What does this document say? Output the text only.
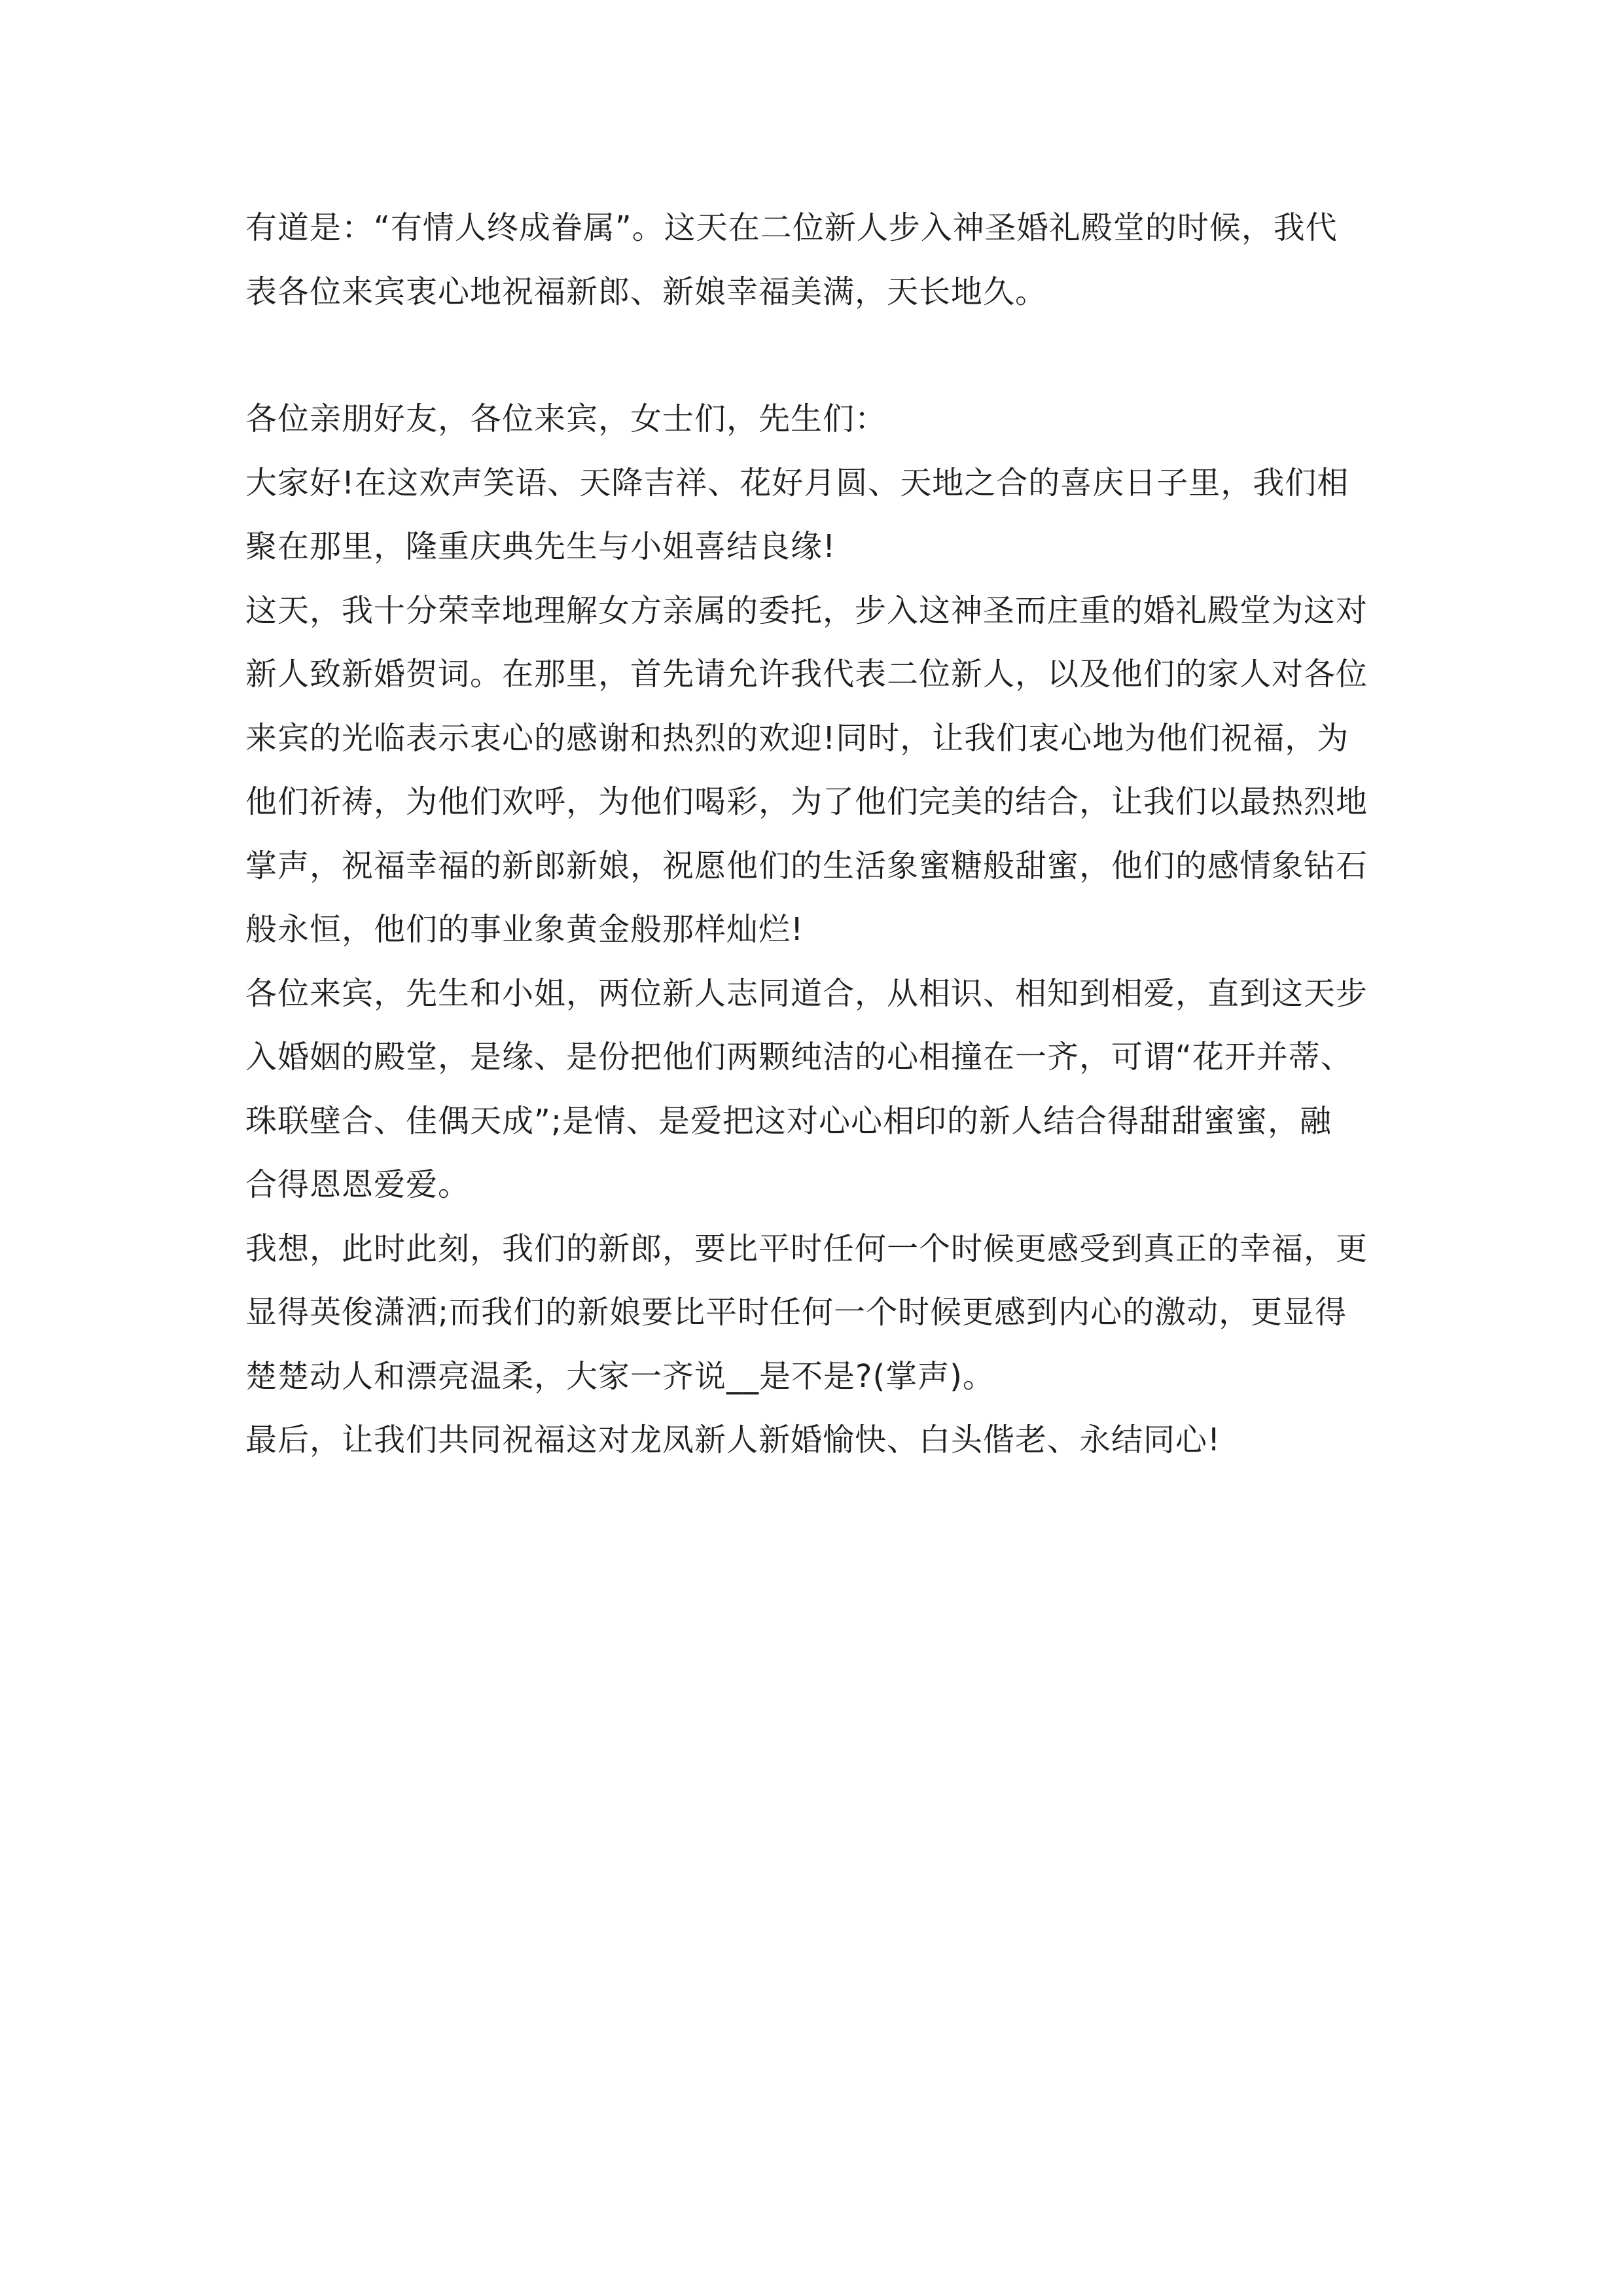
有道是：“有情人终成眷属”。这天在二位新人步入神圣婚礼殿堂的时候，我代
表各位来宾衷心地祝福新郎、新娘幸福美满，天长地久。
各位亲朋好友，各位来宾，女士们，先生们：
大家好!在这欢声笑语、天降吉祥、花好月圆、天地之合的喜庆日子里，我们相
聚在那里，隆重庆典先生与小姐喜结良缘!
这天，我十分荣幸地理解女方亲属的委托，步入这神圣而庄重的婚礼殿堂为这对
新人致新婚贺词。在那里，首先请允许我代表二位新人，以及他们的家人对各位
来宾的光临表示衷心的感谢和热烈的欢迎!同时，让我们衷心地为他们祝福，为
他们祈祷，为他们欢呼，为他们喝彩，为了他们完美的结合，让我们以最热烈地
掌声，祝福幸福的新郎新娘，祝愿他们的生活象蜜糖般甜蜜，他们的感情象钻石
般永恒，他们的事业象黄金般那样灿烂!
各位来宾，先生和小姐，两位新人志同道合，从相识、相知到相爱，直到这天步
入婚姻的殿堂，是缘、是份把他们两颗纯洁的心相撞在一齐，可谓“花开并蒂、
珠联壁合、佳偶天成”;是情、是爱把这对心心相印的新人结合得甜甜蜜蜜，融
合得恩恩爱爱。
我想，此时此刻，我们的新郎，要比平时任何一个时候更感受到真正的幸福，更
显得英俊潇洒;而我们的新娘要比平时任何一个时候更感到内心的激动，更显得
楚楚动人和漂亮温柔，大家一齐说__是不是?(掌声)。
最后，让我们共同祝福这对龙凤新人新婚愉快、白头偕老、永结同心!
